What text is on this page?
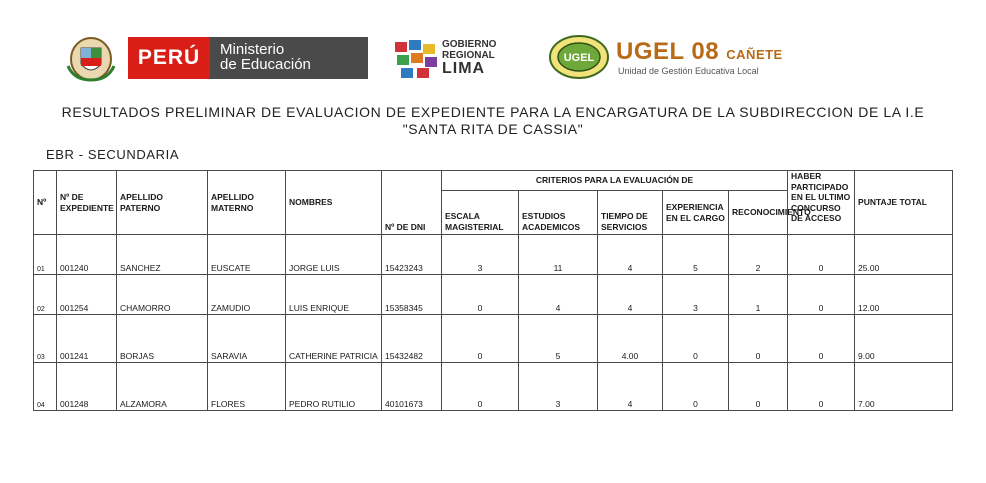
PERÚ	Ministerio
de Educación
GOBIERNO
REGIONAL
LIMA
UGEL UGEL 08 CAÑETE
Unidad de Gestión Educativa Local
RESULTADOS PRELIMINAR DE EVALUACION DE EXPEDIENTE PARA LA ENCARGATURA DE LA SUBDIRECCION DE LA I.E
"SANTA RITA DE CASSIA"
EBR - SECUNDARIA
Nº	Nº DE EXPEDIENTE	APELLIDO PATERNO	APELLIDO MATERNO	NOMBRES	Nº DE DNI	CRITERIOS PARA LA EVALUACIÓN DE					HABER PARTICIPADO EN EL ULTIMO CONCURSO DE ACCESO	PUNTAJE TOTAL
						ESCALA MAGISTERIAL	ESTUDIOS ACADEMICOS	TIEMPO DE SERVICIOS	EXPERIENCIA EN EL CARGO	RECONOCIMIENTO		
01	001240	SANCHEZ	EUSCATE	JORGE LUIS	15423243	3	11	4	5	2	0	25.00
02	001254	CHAMORRO	ZAMUDIO	LUIS ENRIQUE	15358345	0	4	4	3	1	0	12.00
03	001241	BORJAS	SARAVIA	CATHERINE PATRICIA	15432482	0	5	4.00	0	0	0	9.00
04	001248	ALZAMORA	FLORES	PEDRO RUTILIO	40101673	0	3	4	0	0	0	7.00
